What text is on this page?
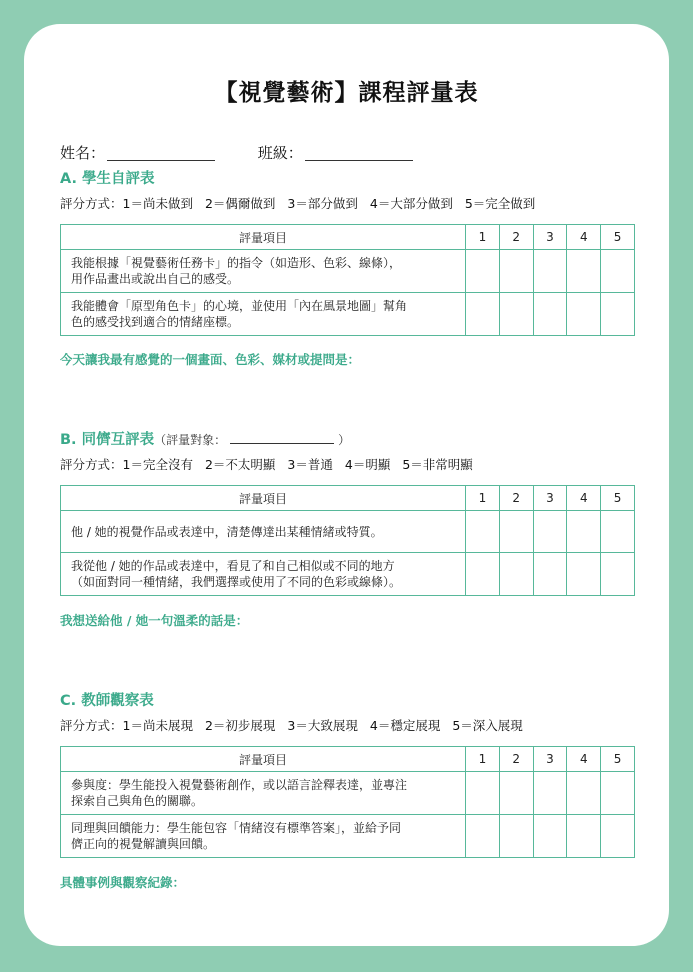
【視覺藝術】課程評量表
姓名：	班級：
A. 學生自評表
評分方式：1＝尚未做到 2＝偶爾做到 3＝部分做到 4＝大部分做到 5＝完全做到
評量項目	1	2	3	4	5
我能根據「視覺藝術任務卡」的指令（如造形、色彩、線條），
用作品畫出或說出自己的感受。					
我能體會「原型角色卡」的心境，並使用「內在風景地圖」幫角
色的感受找到適合的情緒座標。					
今天讓我最有感覺的一個畫面、色彩、媒材或提問是：
B. 同儕互評表（評量對象：	）
評分方式：1＝完全沒有 2＝不太明顯 3＝普通 4＝明顯 5＝非常明顯
評量項目	1	2	3	4	5
他 / 她的視覺作品或表達中，清楚傳達出某種情緒或特質。					
我從他 / 她的作品或表達中，看見了和自己相似或不同的地方
（如面對同一種情緒，我們選擇或使用了不同的色彩或線條）。					
我想送給他 / 她一句溫柔的話是：
C. 教師觀察表
評分方式：1＝尚未展現 2＝初步展現 3＝大致展現 4＝穩定展現 5＝深入展現
評量項目	1	2	3	4	5
參與度：學生能投入視覺藝術創作，或以語言詮釋表達，並專注
探索自己與角色的關聯。					
同理與回饋能力：學生能包容「情緒沒有標準答案」，並給予同
儕正向的視覺解讀與回饋。					
具體事例與觀察紀錄：
